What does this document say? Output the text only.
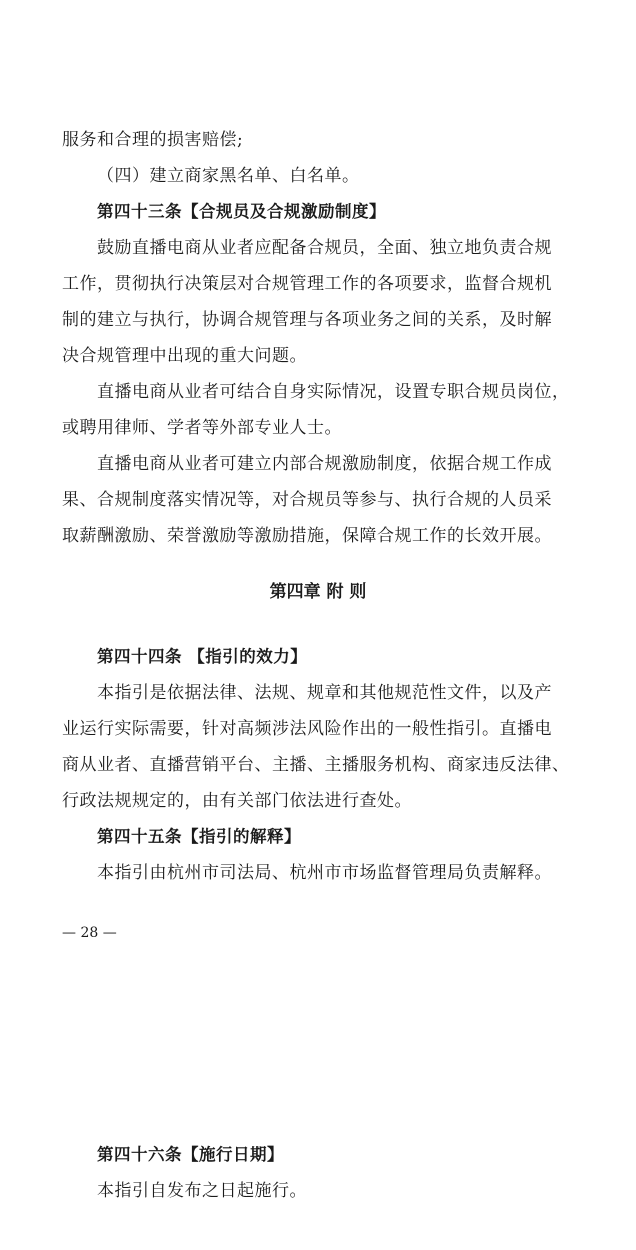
服务和合理的损害赔偿;
（四）建立商家黑名单、白名单。
第四十三条【合规员及合规激励制度】
鼓励直播电商从业者应配备合规员，全面、独立地负责合规
工作，贯彻执行决策层对合规管理工作的各项要求，监督合规机
制的建立与执行，协调合规管理与各项业务之间的关系，及时解
决合规管理中出现的重大问题。
直播电商从业者可结合自身实际情况，设置专职合规员岗位，
或聘用律师、学者等外部专业人士。
直播电商从业者可建立内部合规激励制度，依据合规工作成
果、合规制度落实情况等，对合规员等参与、执行合规的人员采
取薪酬激励、荣誉激励等激励措施，保障合规工作的长效开展。
第四章 附 则
第四十四条 【指引的效力】
本指引是依据法律、法规、规章和其他规范性文件，以及产
业运行实际需要，针对高频涉法风险作出的一般性指引。直播电
商从业者、直播营销平台、主播、主播服务机构、商家违反法律、
行政法规规定的，由有关部门依法进行查处。
第四十五条【指引的解释】
本指引由杭州市司法局、杭州市市场监督管理局负责解释。
— 28 —
第四十六条【施行日期】
本指引自发布之日起施行。
